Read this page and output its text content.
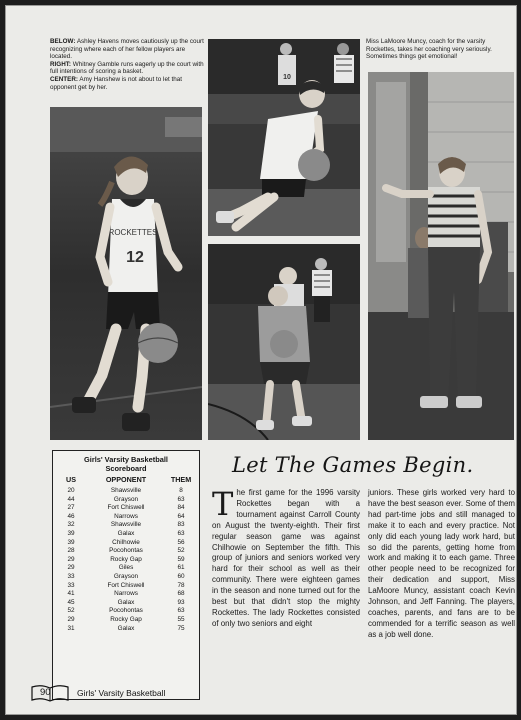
BELOW: Ashley Havens moves cautiously up the court recognizing where each of her fellow players are located.
RIGHT: Whitney Gamble runs eagerly up the court with full intentions of scoring a basket.
CENTER: Amy Hanshew is not about to let that opponent get by her.
Miss LaMoore Muncy, coach for the varsity Rockettes, takes her coaching very seriously. Sometimes things get emotional!
ROCKETTES
12
10
Girls' Varsity Basketball
Scoreboard
US	OPPONENT	THEM
20	Shawsville	8
44	Grayson	63
27	Fort Chiswell	84
46	Narrows	64
32	Shawsville	83
39	Galax	63
39	Chilhowie	56
28	Pocohontas	52
29	Rocky Gap	59
29	Giles	61
33	Grayson	60
33	Fort Chiswell	78
41	Narrows	68
45	Galax	93
52	Pocohontas	63
29	Rocky Gap	55
31	Galax	75
Let The Games Begin.
The first game for the 1996 varsity Rockettes began with a tournament against Carroll County on August the twenty-eighth. Their first regular season game was against Chilhowie on September the fifth. This group of juniors and seniors worked very hard for their school as well as their community. There were eighteen games in the season and none turned out for the best but that didn't stop the mighty Rockettes. The lady Rockettes consisted of only two seniors and eight
juniors. These girls worked very hard to have the best season ever. Some of them had part-time jobs and still managed to make it to each and every practice. Not only did each young lady work hard, but so did the parents, getting home from work and making it to each game. Three other people need to be recognized for their dedication and support, Miss LaMoore Muncy, assistant coach Kevin Johnson, and Jeff Fanning. The players, coaches, parents, and fans are to be commended for a terrific season as well as a job well done.
90	Girls' Varsity Basketball
